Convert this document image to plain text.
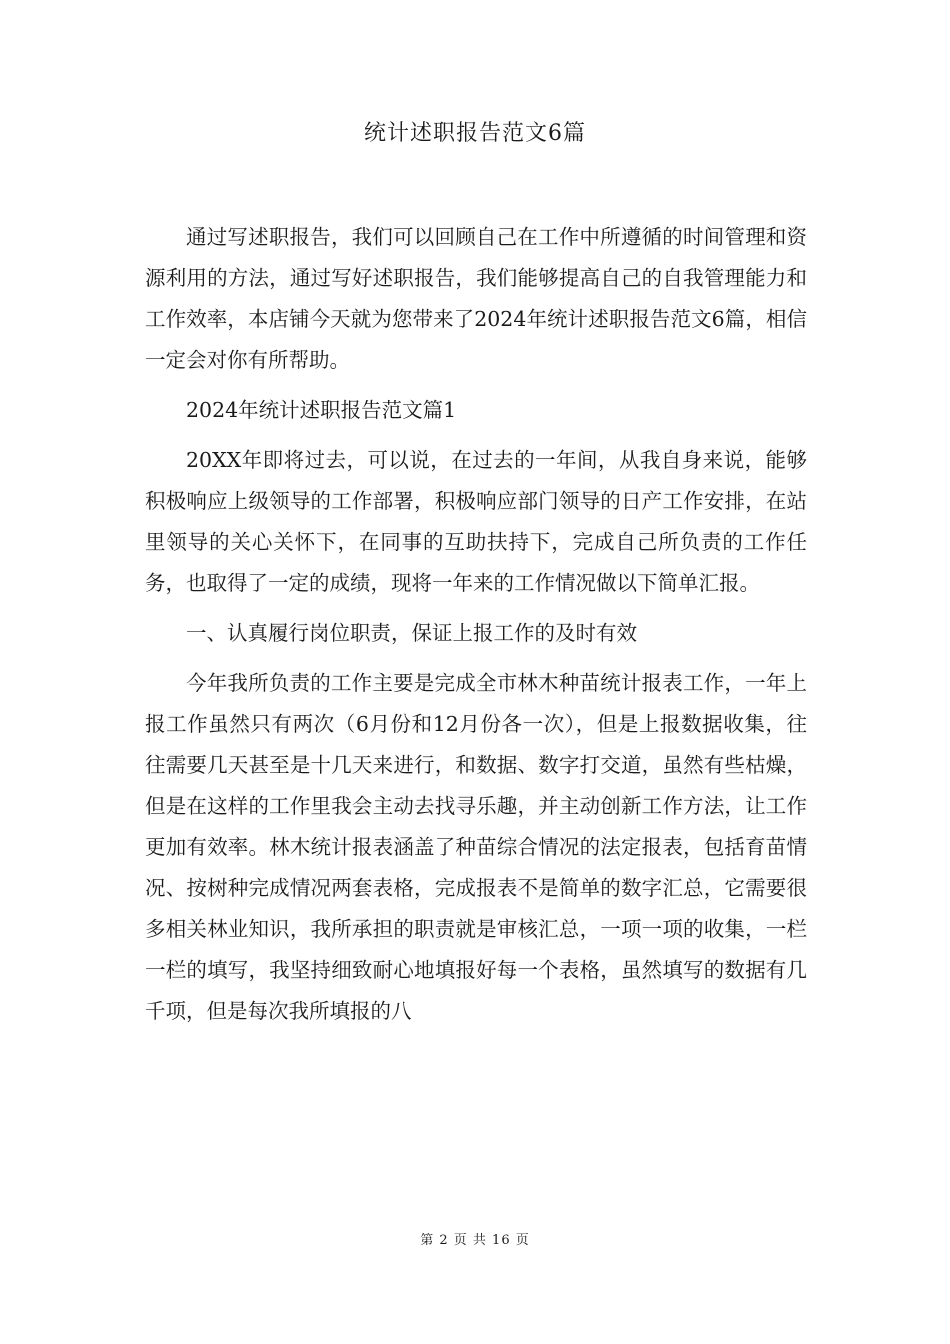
统计述职报告范文6篇

通过写述职报告，我们可以回顾自己在工作中所遵循的时间管理和资源利用的方法，通过写好述职报告，我们能够提高自己的自我管理能力和工作效率，本店铺今天就为您带来了2024年统计述职报告范文6篇，相信一定会对你有所帮助。

2024年统计述职报告范文篇1

20XX年即将过去，可以说，在过去的一年间，从我自身来说，能够积极响应上级领导的工作部署，积极响应部门领导的日产工作安排，在站里领导的关心关怀下，在同事的互助扶持下，完成自己所负责的工作任务，也取得了一定的成绩，现将一年来的工作情况做以下简单汇报。

一、认真履行岗位职责，保证上报工作的及时有效

今年我所负责的工作主要是完成全市林木种苗统计报表工作，一年上报工作虽然只有两次（6月份和12月份各一次），但是上报数据收集，往往需要几天甚至是十几天来进行，和数据、数字打交道，虽然有些枯燥，但是在这样的工作里我会主动去找寻乐趣，并主动创新工作方法，让工作更加有效率。林木统计报表涵盖了种苗综合情况的法定报表，包括育苗情况、按树种完成情况两套表格，完成报表不是简单的数字汇总，它需要很多相关林业知识，我所承担的职责就是审核汇总，一项一项的收集，一栏一栏的填写，我坚持细致耐心地填报好每一个表格，虽然填写的数据有几千项，但是每次我所填报的八

第 2 页 共 16 页
